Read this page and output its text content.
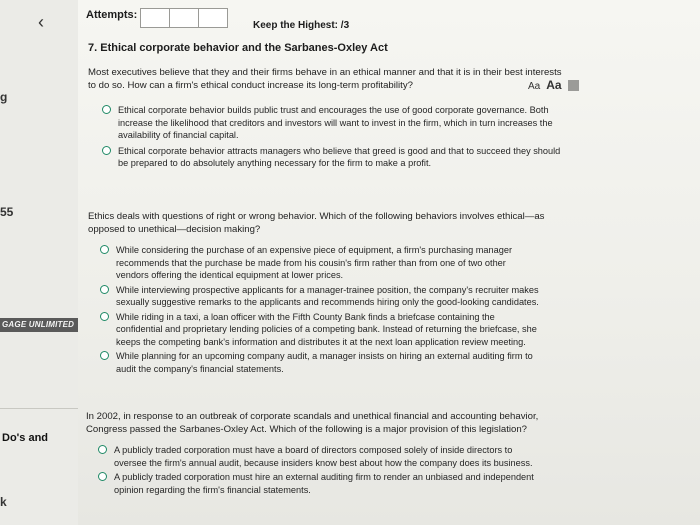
‹
g
55
GAGE UNLIMITED
Do's and
k
Attempts:
Keep the Highest: /3
7. Ethical corporate behavior and the Sarbanes-Oxley Act
Aa Aa
Most executives believe that they and their firms behave in an ethical manner and that it is in their best interests to do so. How can a firm's ethical conduct increase its long-term profitability?
Ethical corporate behavior builds public trust and encourages the use of good corporate governance. Both increase the likelihood that creditors and investors will want to invest in the firm, which in turn increases the availability of financial capital.
Ethical corporate behavior attracts managers who believe that greed is good and that to succeed they should be prepared to do absolutely anything necessary for the firm to make a profit.
Ethics deals with questions of right or wrong behavior. Which of the following behaviors involves ethical—as opposed to unethical—decision making?
While considering the purchase of an expensive piece of equipment, a firm's purchasing manager recommends that the purchase be made from his cousin's firm rather than from one of two other vendors offering the identical equipment at lower prices.
While interviewing prospective applicants for a manager-trainee position, the company's recruiter makes sexually suggestive remarks to the applicants and recommends hiring only the good-looking candidates.
While riding in a taxi, a loan officer with the Fifth County Bank finds a briefcase containing the confidential and proprietary lending policies of a competing bank. Instead of returning the briefcase, she keeps the competing bank's information and distributes it at the next loan application review meeting.
While planning for an upcoming company audit, a manager insists on hiring an external auditing firm to audit the company's financial statements.
In 2002, in response to an outbreak of corporate scandals and unethical financial and accounting behavior, Congress passed the Sarbanes-Oxley Act. Which of the following is a major provision of this legislation?
A publicly traded corporation must have a board of directors composed solely of inside directors to oversee the firm's annual audit, because insiders know best about how the company does its business.
A publicly traded corporation must hire an external auditing firm to render an unbiased and independent opinion regarding the firm's financial statements.
